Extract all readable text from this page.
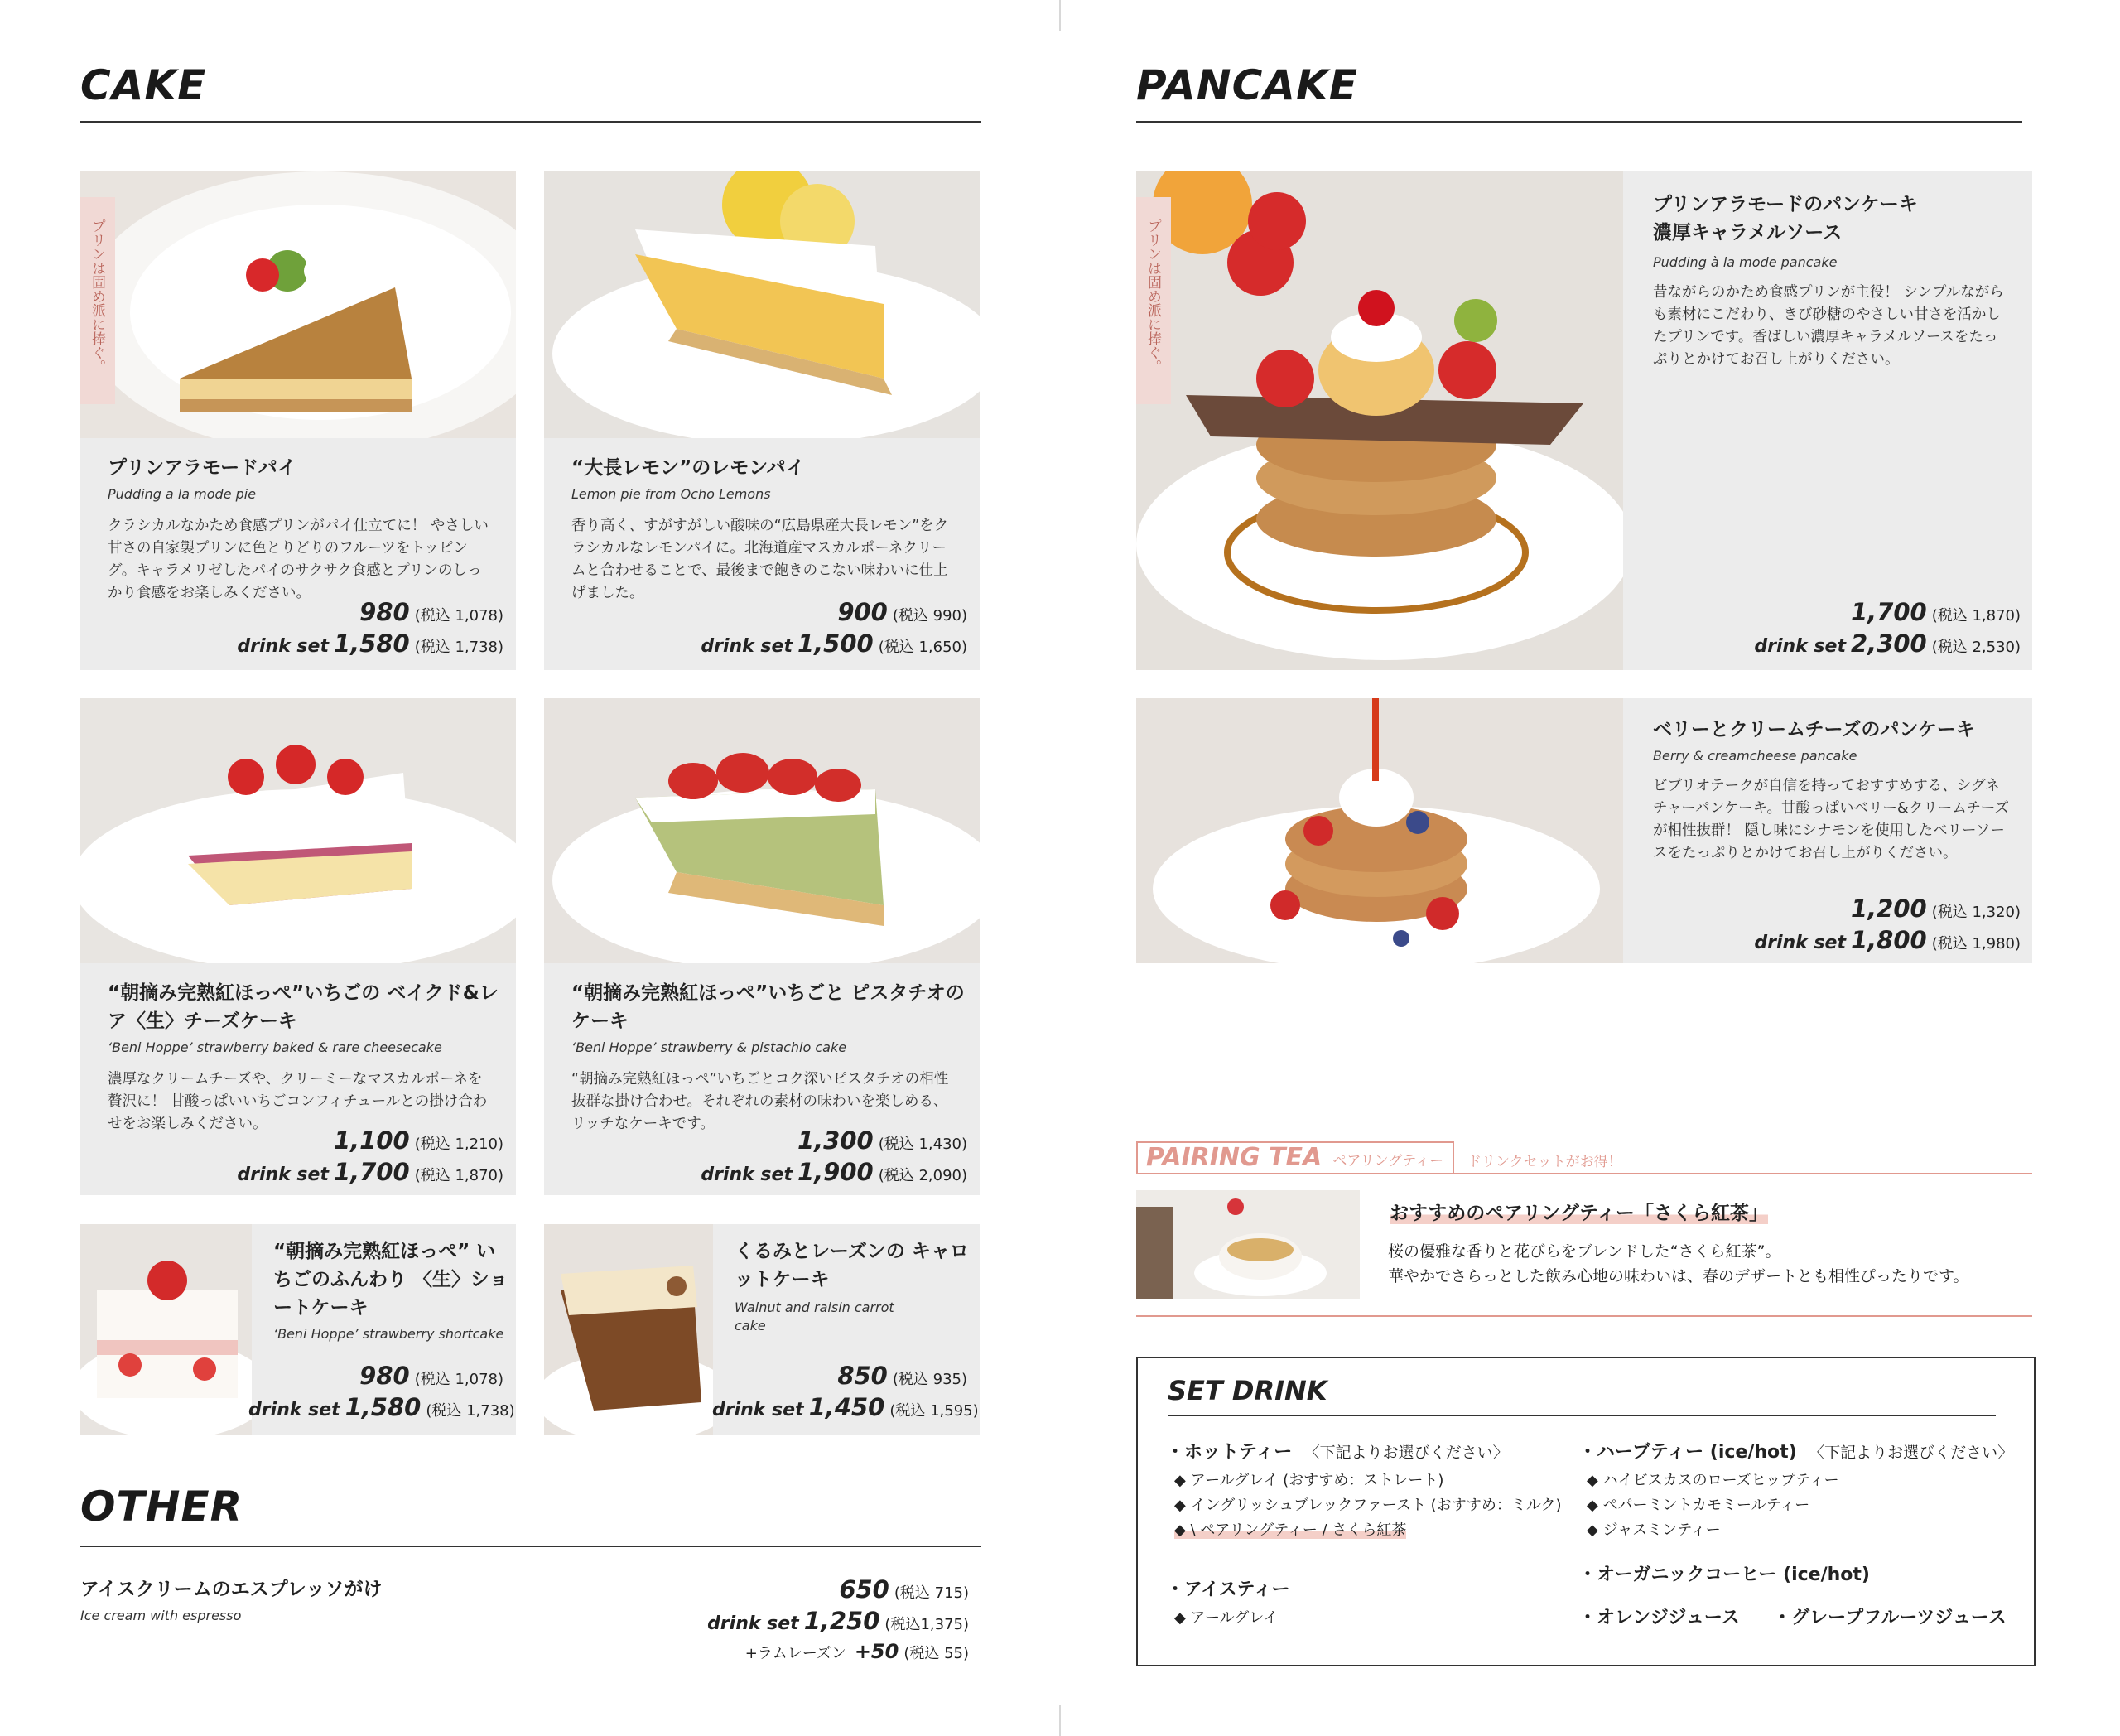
CAKE
プリンは固め派に捧ぐ。
プリンアラモードパイ
Pudding a la mode pie
クラシカルなかため食感プリンがパイ仕立てに！ やさしい甘さの自家製プリンに色とりどりのフルーツをトッピング。キャラメリゼしたパイのサクサク食感とプリンのしっかり食感をお楽しみください。
980 (税込 1,078)
drink set 1,580 (税込 1,738)
“大長レモン”のレモンパイ
Lemon pie from Ocho Lemons
香り高く、すがすがしい酸味の“広島県産大長レモン”をクラシカルなレモンパイに。北海道産マスカルポーネクリームと合わせることで、最後まで飽きのこない味わいに仕上げました。
900 (税込 990)
drink set 1,500 (税込 1,650)
“朝摘み完熟紅ほっぺ”いちごの ベイクド&レア〈生〉チーズケーキ
‘Beni Hoppe’ strawberry baked & rare cheesecake
濃厚なクリームチーズや、クリーミーなマスカルポーネを贅沢に！ 甘酸っぱいいちごコンフィチュールとの掛け合わせをお楽しみください。
1,100 (税込 1,210)
drink set 1,700 (税込 1,870)
“朝摘み完熟紅ほっぺ”いちごと ピスタチオのケーキ
‘Beni Hoppe’ strawberry & pistachio cake
“朝摘み完熟紅ほっぺ”いちごとコク深いピスタチオの相性抜群な掛け合わせ。それぞれの素材の味わいを楽しめる、リッチなケーキです。
1,300 (税込 1,430)
drink set 1,900 (税込 2,090)
“朝摘み完熟紅ほっぺ” いちごのふんわり 〈生〉ショートケーキ
‘Beni Hoppe’ strawberry shortcake
980 (税込 1,078)
drink set 1,580 (税込 1,738)
くるみとレーズンの キャロットケーキ
Walnut and raisin carrot cake
850 (税込 935)
drink set 1,450 (税込 1,595)
OTHER
アイスクリームのエスプレッソがけ
Ice cream with espresso
650 (税込 715)
drink set 1,250 (税込1,375)
+ラムレーズン +50 (税込 55)
PANCAKE
プリンは固め派に捧ぐ。
プリンアラモードのパンケーキ
濃厚キャラメルソース
Pudding à la mode pancake
昔ながらのかため食感プリンが主役！ シンプルながらも素材にこだわり、きび砂糖のやさしい甘さを活かしたプリンです。香ばしい濃厚キャラメルソースをたっぷりとかけてお召し上がりください。
1,700 (税込 1,870)
drink set 2,300 (税込 2,530)
ベリーとクリームチーズのパンケーキ
Berry & creamcheese pancake
ビブリオテークが自信を持っておすすめする、シグネチャーパンケーキ。甘酸っぱいベリー&クリームチーズが相性抜群！ 隠し味にシナモンを使用したベリーソースをたっぷりとかけてお召し上がりください。
1,200 (税込 1,320)
drink set 1,800 (税込 1,980)
PAIRING TEA ペアリングティー ドリンクセットがお得！
おすすめのペアリングティー「さくら紅茶」
桜の優雅な香りと花びらをブレンドした“さくら紅茶”。
華やかでさらっとした飲み心地の味わいは、春のデザートとも相性ぴったりです。
SET DRINK
・ホットティー 〈下記よりお選びください〉
◆ アールグレイ (おすすめ：ストレート)
◆ イングリッシュブレックファースト (おすすめ：ミルク)
◆ \ ペアリングティー / さくら紅茶
・アイスティー
◆ アールグレイ
・ハーブティー (ice/hot) 〈下記よりお選びください〉
◆ ハイビスカスのローズヒップティー
◆ ペパーミントカモミールティー
◆ ジャスミンティー
・オーガニックコーヒー (ice/hot)
・オレンジジュース ・グレープフルーツジュース
